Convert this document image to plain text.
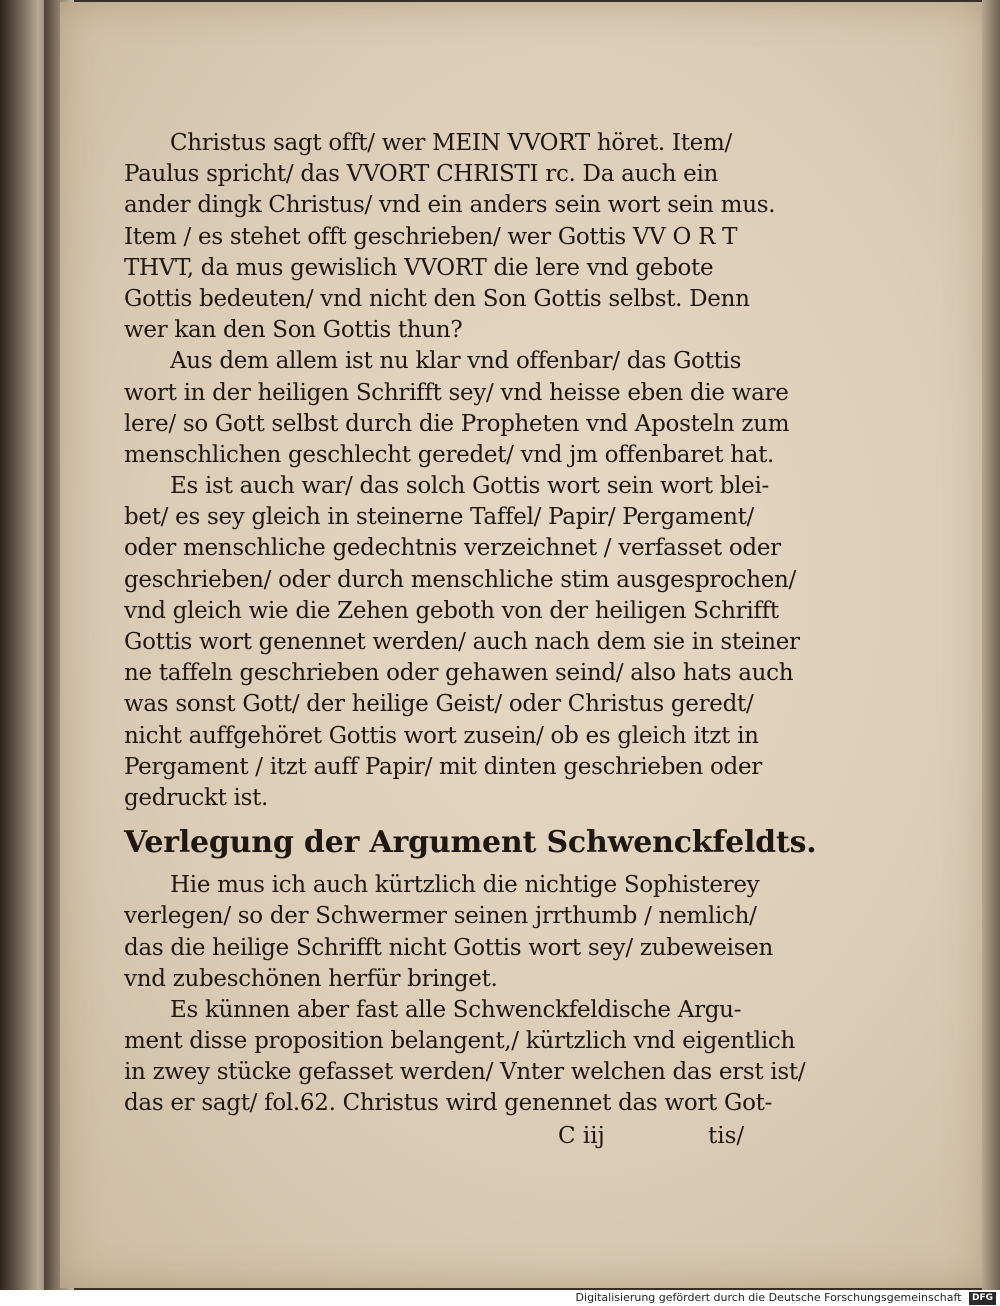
Christus sagt offt/ wer MEIN VVORT höret. Item/
Paulus spricht/ das VVORT CHRISTI rc. Da auch ein
ander dingk Christus/ vnd ein anders sein wort sein mus.
Item / es stehet offt geschrieben/ wer Gottis VV O R T
THVT, da mus gewislich VVORT die lere vnd gebote
Gottis bedeuten/ vnd nicht den Son Gottis selbst. Denn
wer kan den Son Gottis thun?
Aus dem allem ist nu klar vnd offenbar/ das Gottis
wort in der heiligen Schrifft sey/ vnd heisse eben die ware
lere/ so Gott selbst durch die Propheten vnd Aposteln zum
menschlichen geschlecht geredet/ vnd jm offenbaret hat.
Es ist auch war/ das solch Gottis wort sein wort blei-
bet/ es sey gleich in steinerne Taffel/ Papir/ Pergament/
oder menschliche gedechtnis verzeichnet / verfasset oder
geschrieben/ oder durch menschliche stim ausgesprochen/
vnd gleich wie die Zehen geboth von der heiligen Schrifft
Gottis wort genennet werden/ auch nach dem sie in steiner
ne taffeln geschrieben oder gehawen seind/ also hats auch
was sonst Gott/ der heilige Geist/ oder Christus geredt/
nicht auffgehöret Gottis wort zusein/ ob es gleich itzt in
Pergament / itzt auff Papir/ mit dinten geschrieben oder
gedruckt ist.
Verlegung der Argument Schwenckfeldts.
Hie mus ich auch kürtzlich die nichtige Sophisterey
verlegen/ so der Schwermer seinen jrrthumb / nemlich/
das die heilige Schrifft nicht Gottis wort sey/ zubeweisen
vnd zubeschönen herfür bringet.
Es künnen aber fast alle Schwenckfeldische Argu-
ment disse proposition belangent,/ kürtzlich vnd eigentlich
in zwey stücke gefasset werden/ Vnter welchen das erst ist/
das er sagt/ fol.62. Christus wird genennet das wort Got-
C iij	tis/
Digitalisierung gefördert durch die Deutsche Forschungsgemeinschaft DFG
